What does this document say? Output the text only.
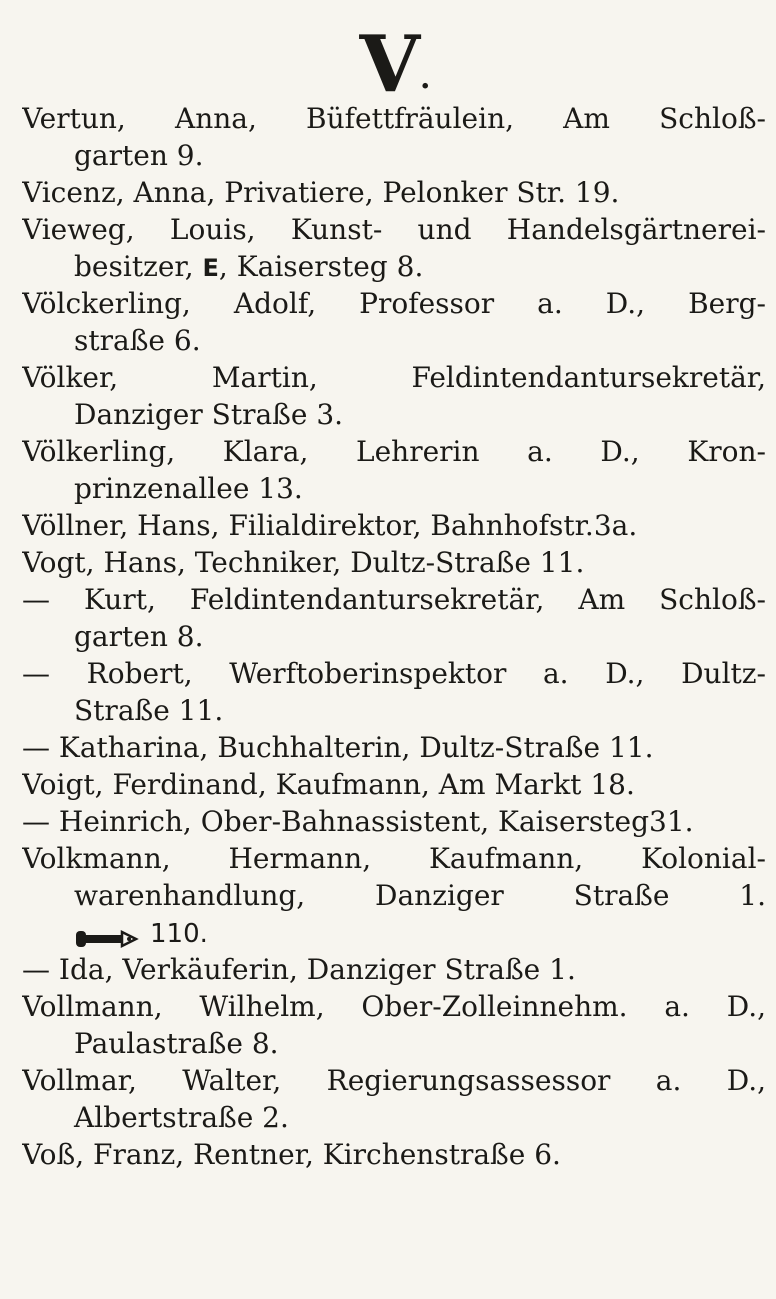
V .
Vertun, Anna, Büfettfräulein, Am Schloß-
garten 9.
Vicenz, Anna, Privatiere, Pelonker Str. 19.
Vieweg, Louis, Kunst- und Handelsgärtnerei-
besitzer, E, Kaisersteg 8.
Völckerling, Adolf, Professor a. D., Berg-
straße 6.
Völker, Martin, Feldintendantursekretär,
Danziger Straße 3.
Völkerling, Klara, Lehrerin a. D., Kron-
prinzenallee 13.
Völlner, Hans, Filialdirektor, Bahnhofstr.3a.
Vogt, Hans, Techniker, Dultz-Straße 11.
— Kurt, Feldintendantursekretär, Am Schloß-
garten 8.
— Robert, Werftoberinspektor a. D., Dultz-
Straße 11.
— Katharina, Buchhalterin, Dultz-Straße 11.
Voigt, Ferdinand, Kaufmann, Am Markt 18.
— Heinrich, Ober-Bahnassistent, Kaisersteg31.
Volkmann, Hermann, Kaufmann, Kolonial-
warenhandlung, Danziger Straße 1.
110.
— Ida, Verkäuferin, Danziger Straße 1.
Vollmann, Wilhelm, Ober-Zolleinnehm. a. D.,
Paulastraße 8.
Vollmar, Walter, Regierungsassessor a. D.,
Albertstraße 2.
Voß, Franz, Rentner, Kirchenstraße 6.
